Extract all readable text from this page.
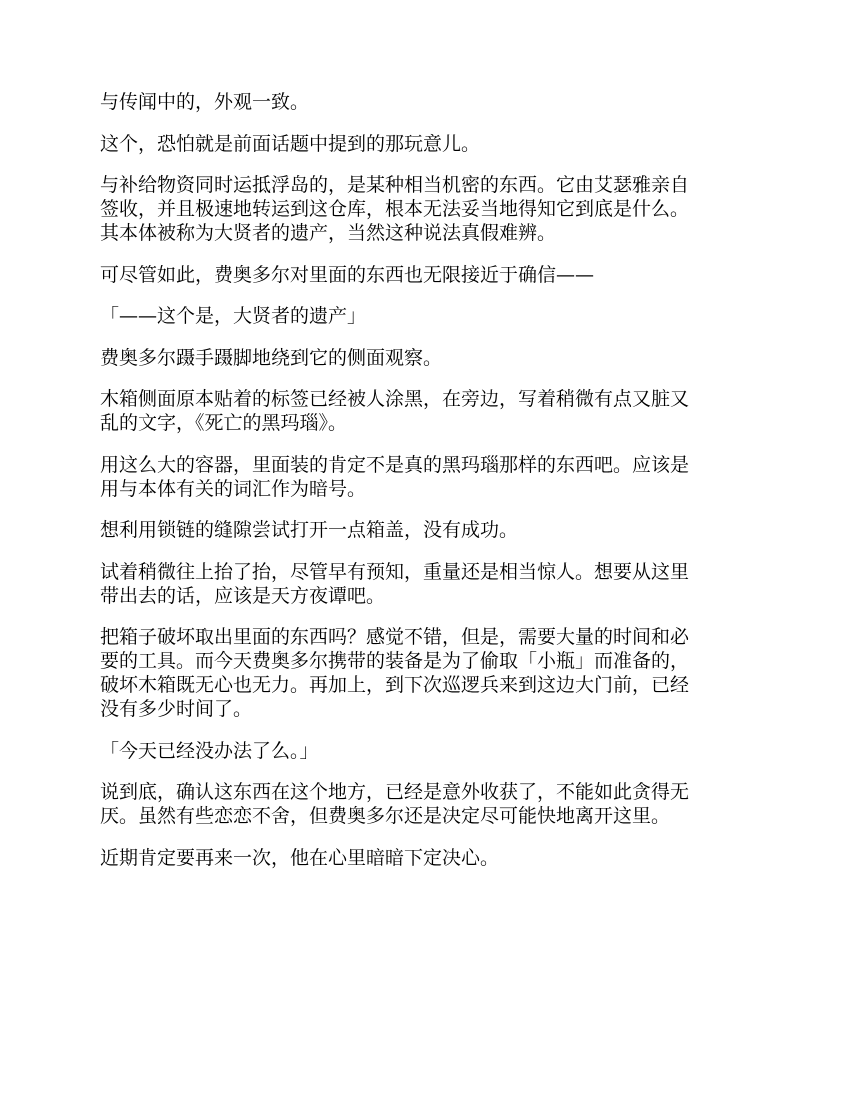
与传闻中的，外观一致。

这个，恐怕就是前面话题中提到的那玩意儿。

与补给物资同时运抵浮岛的，是某种相当机密的东西。它由艾瑟雅亲自
签收，并且极速地转运到这仓库，根本无法妥当地得知它到底是什么。
其本体被称为大贤者的遗产，当然这种说法真假难辨。

可尽管如此，费奥多尔对里面的东西也无限接近于确信——

「——这个是，大贤者的遗产」

费奥多尔蹑手蹑脚地绕到它的侧面观察。

木箱侧面原本贴着的标签已经被人涂黑，在旁边，写着稍微有点又脏又
乱的文字，《死亡的黑玛瑙》。

用这么大的容器，里面装的肯定不是真的黑玛瑙那样的东西吧。应该是
用与本体有关的词汇作为暗号。

想利用锁链的缝隙尝试打开一点箱盖，没有成功。

试着稍微往上抬了抬，尽管早有预知，重量还是相当惊人。想要从这里
带出去的话，应该是天方夜谭吧。

把箱子破坏取出里面的东西吗？感觉不错，但是，需要大量的时间和必
要的工具。而今天费奥多尔携带的装备是为了偷取「小瓶」而准备的，
破坏木箱既无心也无力。再加上，到下次巡逻兵来到这边大门前，已经
没有多少时间了。

「今天已经没办法了么。」

说到底，确认这东西在这个地方，已经是意外收获了，不能如此贪得无
厌。虽然有些恋恋不舍，但费奥多尔还是决定尽可能快地离开这里。

近期肯定要再来一次，他在心里暗暗下定决心。
